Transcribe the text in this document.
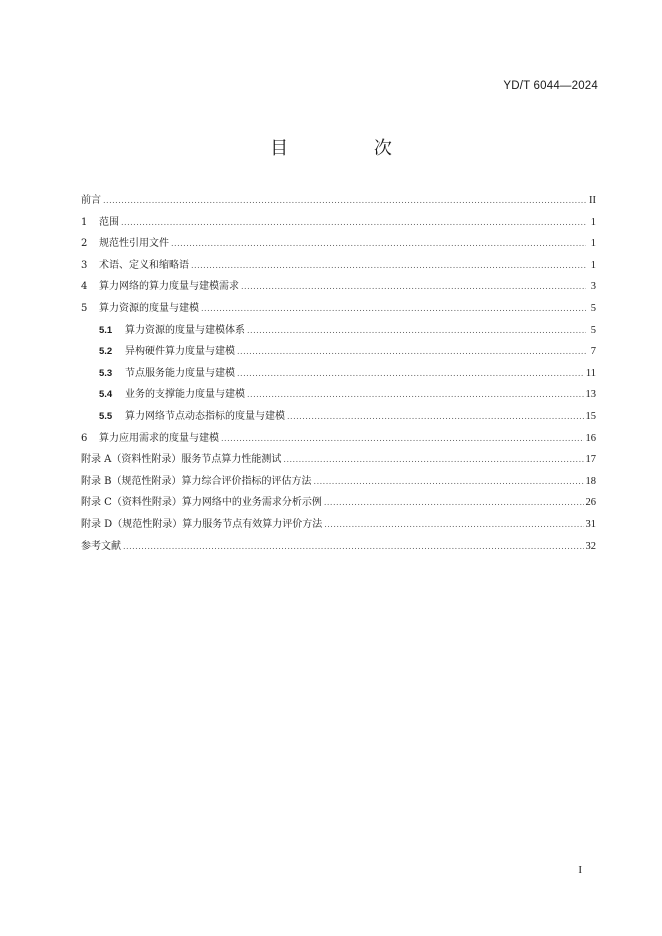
YD/T 6044—2024
目 次
前言 .....	II
1	范围 .....	1
2	规范性引用文件 .....	1
3	术语、定义和缩略语 .....	1
4	算力网络的算力度量与建模需求 .....	3
5	算力资源的度量与建模 .....	5
5.1	算力资源的度量与建模体系 .....	5
5.2	异构硬件算力度量与建模 .....	7
5.3	节点服务能力度量与建模 .....	11
5.4	业务的支撑能力度量与建模 .....	13
5.5	算力网络节点动态指标的度量与建模 .....	15
6	算力应用需求的度量与建模 .....	16
附录 A（资料性附录）服务节点算力性能测试 .....	17
附录 B（规范性附录）算力综合评价指标的评估方法 .....	18
附录 C（资料性附录）算力网络中的业务需求分析示例 .....	26
附录 D（规范性附录）算力服务节点有效算力评价方法 .....	31
参考文献 .....	32
I
